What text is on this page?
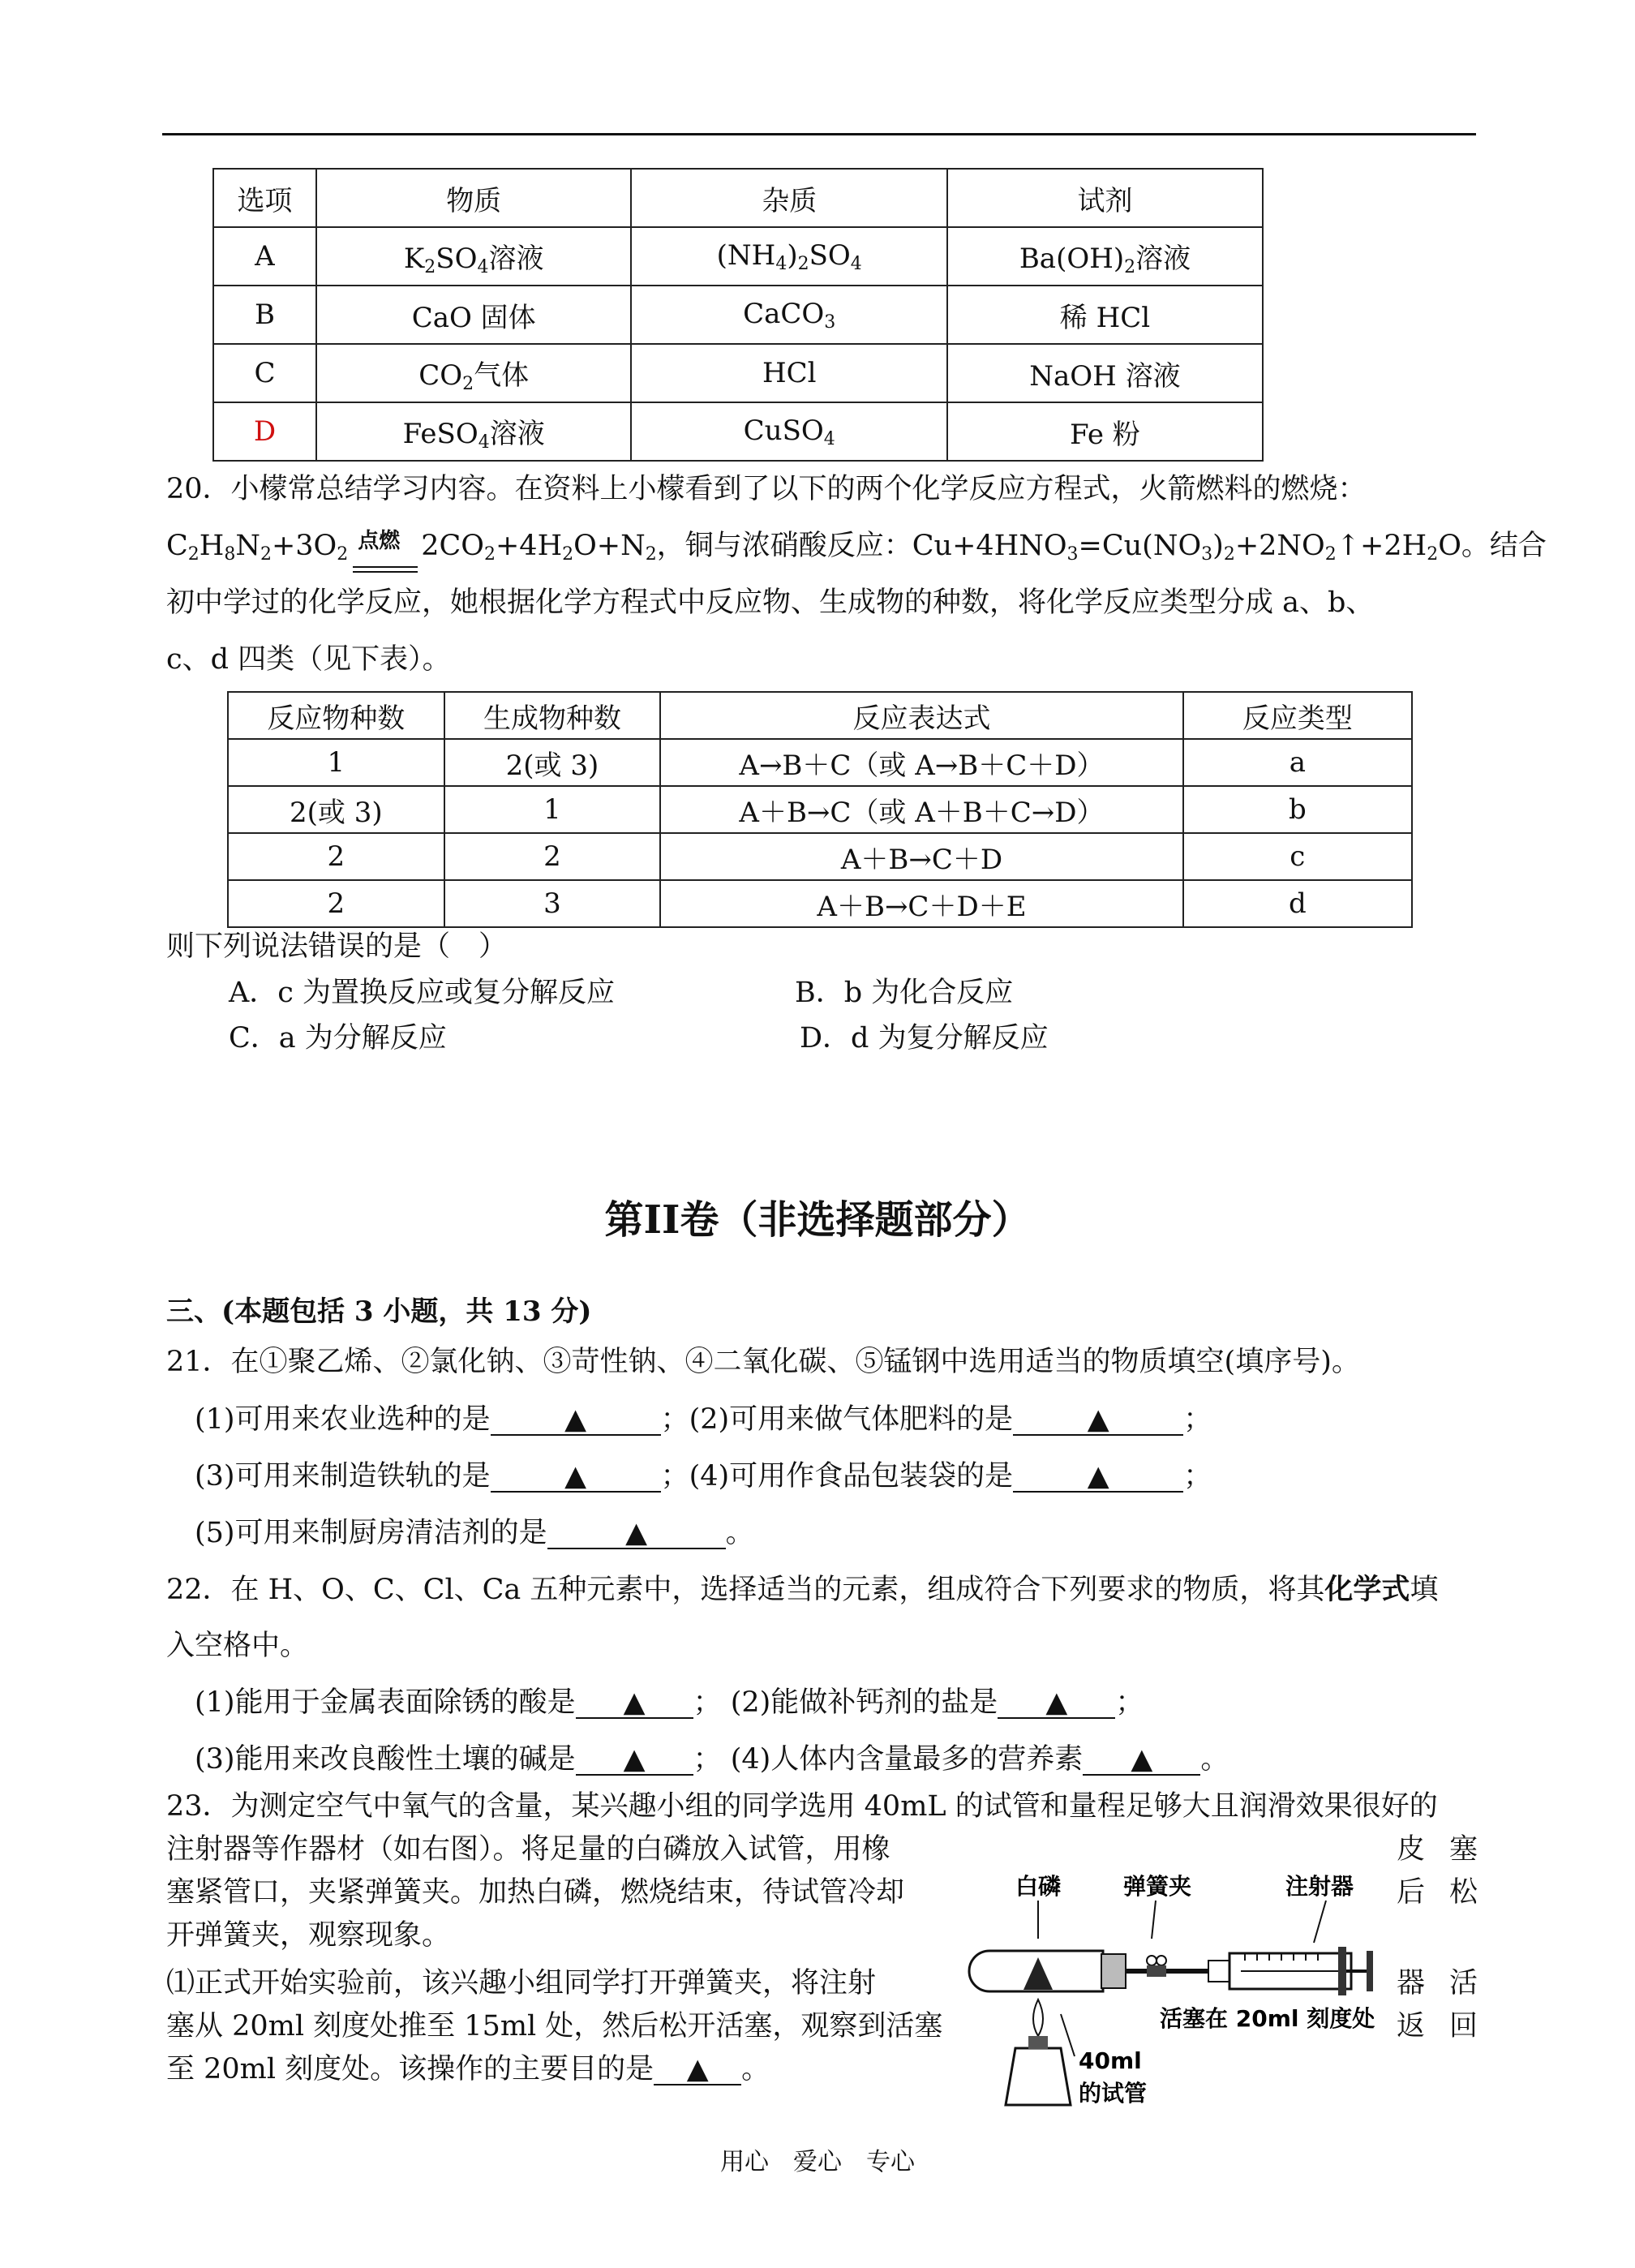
选项	物质	杂质	试剂
A	$K_2SO_4$溶液	$(NH_4)_2SO_4$	$Ba(OH)_2$溶液
B	CaO 固体	CaCO$_3$	稀 HCl
C	$CO_2$气体	HCl	NaOH 溶液
D	FeSO$_4$溶液	CuSO$_4$	Fe 粉
20．小檬常总结学习内容。在资料上小檬看到了以下的两个化学反应方程式，火箭燃料的燃烧：
$C_2H_8N_2+3O_2$
点燃 $2CO_2+4H_2O+N_2$，铜与浓硝酸反应：$Cu+4HNO_3=Cu(NO_3)_2+2NO_2↑+2H_2O$。结合
初中学过的化学反应，她根据化学方程式中反应物、生成物的种数，将化学反应类型分成 a、b、
c、d 四类（见下表）。
反应物种数	生成物种数	反应表达式	反应类型
1	2(或 3)	A→B＋C（或 A→B＋C＋D）	a
2(或 3)	1	A＋B→C（或 A＋B＋C→D）	b
2	2	A＋B→C＋D	c
2	3	A＋B→C＋D＋E	d
则下列说法错误的是（　）
A．c 为置换反应或复分解反应	B．b 为化合反应
C．a 为分解反应	D．d 为复分解反应
第II卷（非选择题部分）
三、(本题包括 3 小题，共 13 分)
21．在①聚乙烯、②氯化钠、③苛性钠、④二氧化碳、⑤锰钢中选用适当的物质填空(填序号)。
(1)可用来农业选种的是	▲	；(2)可用来做气体肥料的是	▲	；
(3)可用来制造铁轨的是	▲	；(4)可用作食品包装袋的是	▲	；
(5)可用来制厨房清洁剂的是	▲	。
22．在 H、O、C、Cl、Ca 五种元素中，选择适当的元素，组成符合下列要求的物质，将其化学式填
入空格中。
(1)能用于金属表面除锈的酸是 ▲ ； (2)能做补钙剂的盐是 ▲ ；
(3)能用来改良酸性土壤的碱是 ▲ ； (4)人体内含量最多的营养素 ▲ 。
23．为测定空气中氧气的含量，某兴趣小组的同学选用 40mL 的试管和量程足够大且润滑效果很好的
注射器等作器材（如右图）。将足量的白磷放入试管，用橡
塞紧管口，夹紧弹簧夹。加热白磷，燃烧结束，待试管冷却
开弹簧夹，观察现象。
⑴正式开始实验前，该兴趣小组同学打开弹簧夹，将注射
塞从 20ml 刻度处推至 15ml 处，然后松开活塞，观察到活塞
至 20ml 刻度处。该操作的主要目的是 ▲ 。
皮塞
后松
器活
返回
白磷	弹簧夹	注射器
活塞在 20ml 刻度处
40ml
的试管
用心　爱心　专心
